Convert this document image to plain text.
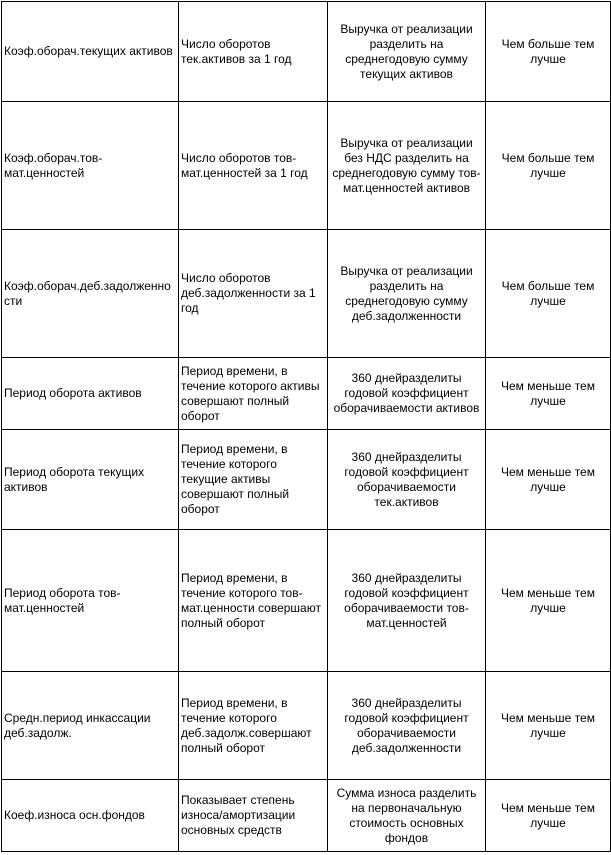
Коэф.оборач.текущих активов	Число оборотов тек.активов за 1 год	Выручка от реализации разделить на среднегодовую сумму текущих активов	Чем больше тем лучше
Коэф.оборач.тов-мат.ценностей	Число оборотов тов-мат.ценностей за 1 год	Выручка от реализации без НДС разделить на среднегодовую сумму тов-мат.ценностей активов	Чем больше тем лучше
Коэф.оборач.деб.задолженности	Число оборотов деб.задолженности за 1 год	Выручка от реализации разделить на среднегодовую сумму деб.задолженности	Чем больше тем лучше
Период оборота активов	Период времени, в течение которого активы совершают полный оборот	360 днейразделиты годовой коэффициент оборачиваемости активов	Чем меньше тем лучше
Период оборота текущих активов	Период времени, в течение которого текущие активы совершают полный оборот	360 днейразделиты годовой коэффициент оборачиваемости тек.активов	Чем меньше тем лучше
Период оборота тов-мат.ценностей	Период времени, в течение которого тов-мат.ценности совершают полный оборот	360 днейразделиты годовой коэффициент оборачиваемости тов-мат.ценностей	Чем меньше тем лучше
Средн.период инкассации деб.задолж.	Период времени, в течение которого деб.задолж.совершают полный оборот	360 днейразделиты годовой коэффициент оборачиваемости деб.задолженности	Чем меньше тем лучше
Коеф.износа осн.фондов	Показывает степень износа/амортизации основных средств	Сумма износа разделить на первоначальную стоимость основных фондов	Чем меньше тем лучше
